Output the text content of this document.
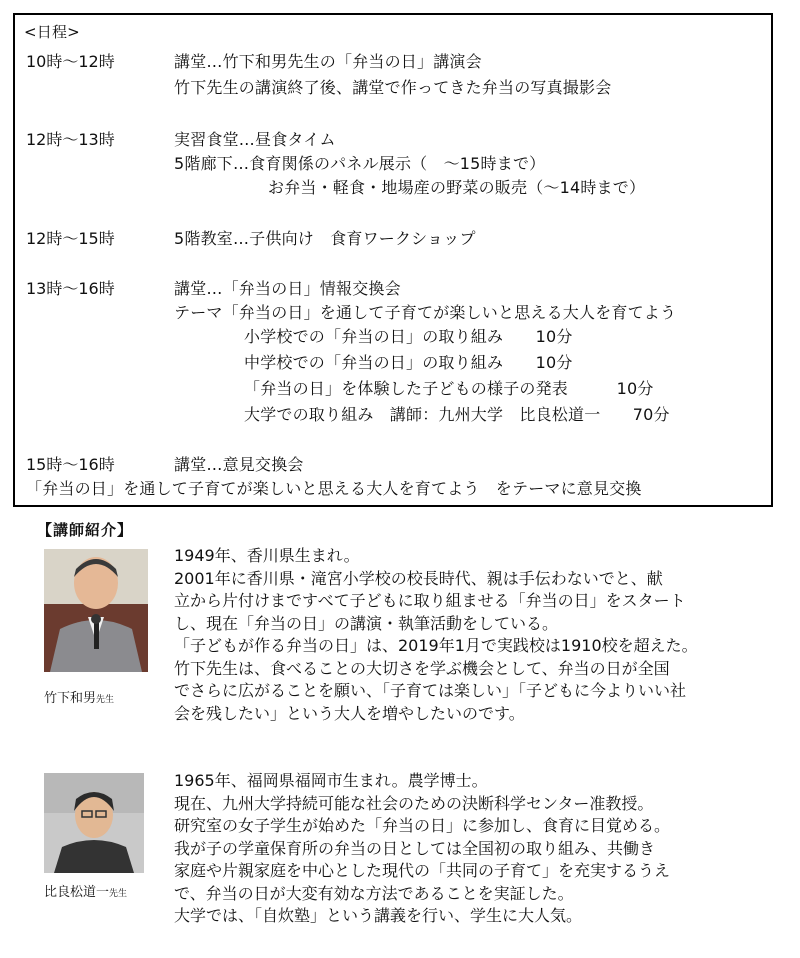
<日程>
10時～12時	講堂…竹下和男先生の「弁当の日」講演会
竹下先生の講演終了後、講堂で作ってきた弁当の写真撮影会
12時～13時	実習食堂…昼食タイム
5階廊下…食育関係のパネル展示（　～15時まで）
お弁当・軽食・地場産の野菜の販売（～14時まで）
12時～15時	5階教室…子供向け　食育ワークショップ
13時～16時	講堂…「弁当の日」情報交換会
テーマ「弁当の日」を通して子育てが楽しいと思える大人を育てよう
小学校での「弁当の日」の取り組み　　10分
中学校での「弁当の日」の取り組み　　10分
「弁当の日」を体験した子どもの様子の発表　　　10分
大学での取り組み　講師：九州大学　比良松道一　　70分
15時～16時	講堂…意見交換会
「弁当の日」を通して子育てが楽しいと思える大人を育てよう　をテーマに意見交換
【講師紹介】
竹下和男先生
1949年、香川県生まれ。
2001年に香川県・滝宮小学校の校長時代、親は手伝わないでと、献
立から片付けまですべて子どもに取り組ませる「弁当の日」をスタート
し、現在「弁当の日」の講演・執筆活動をしている。
「子どもが作る弁当の日」は、2019年1月で実践校は1910校を超えた。
竹下先生は、食べることの大切さを学ぶ機会として、弁当の日が全国
でさらに広がることを願い、「子育ては楽しい」「子どもに今よりいい社
会を残したい」という大人を増やしたいのです。
比良松道一先生
1965年、福岡県福岡市生まれ。農学博士。
現在、九州大学持続可能な社会のための決断科学センター准教授。
研究室の女子学生が始めた「弁当の日」に参加し、食育に目覚める。
我が子の学童保育所の弁当の日としては全国初の取り組み、共働き
家庭や片親家庭を中心とした現代の「共同の子育て」を充実するうえ
で、弁当の日が大変有効な方法であることを実証した。
大学では、「自炊塾」という講義を行い、学生に大人気。
